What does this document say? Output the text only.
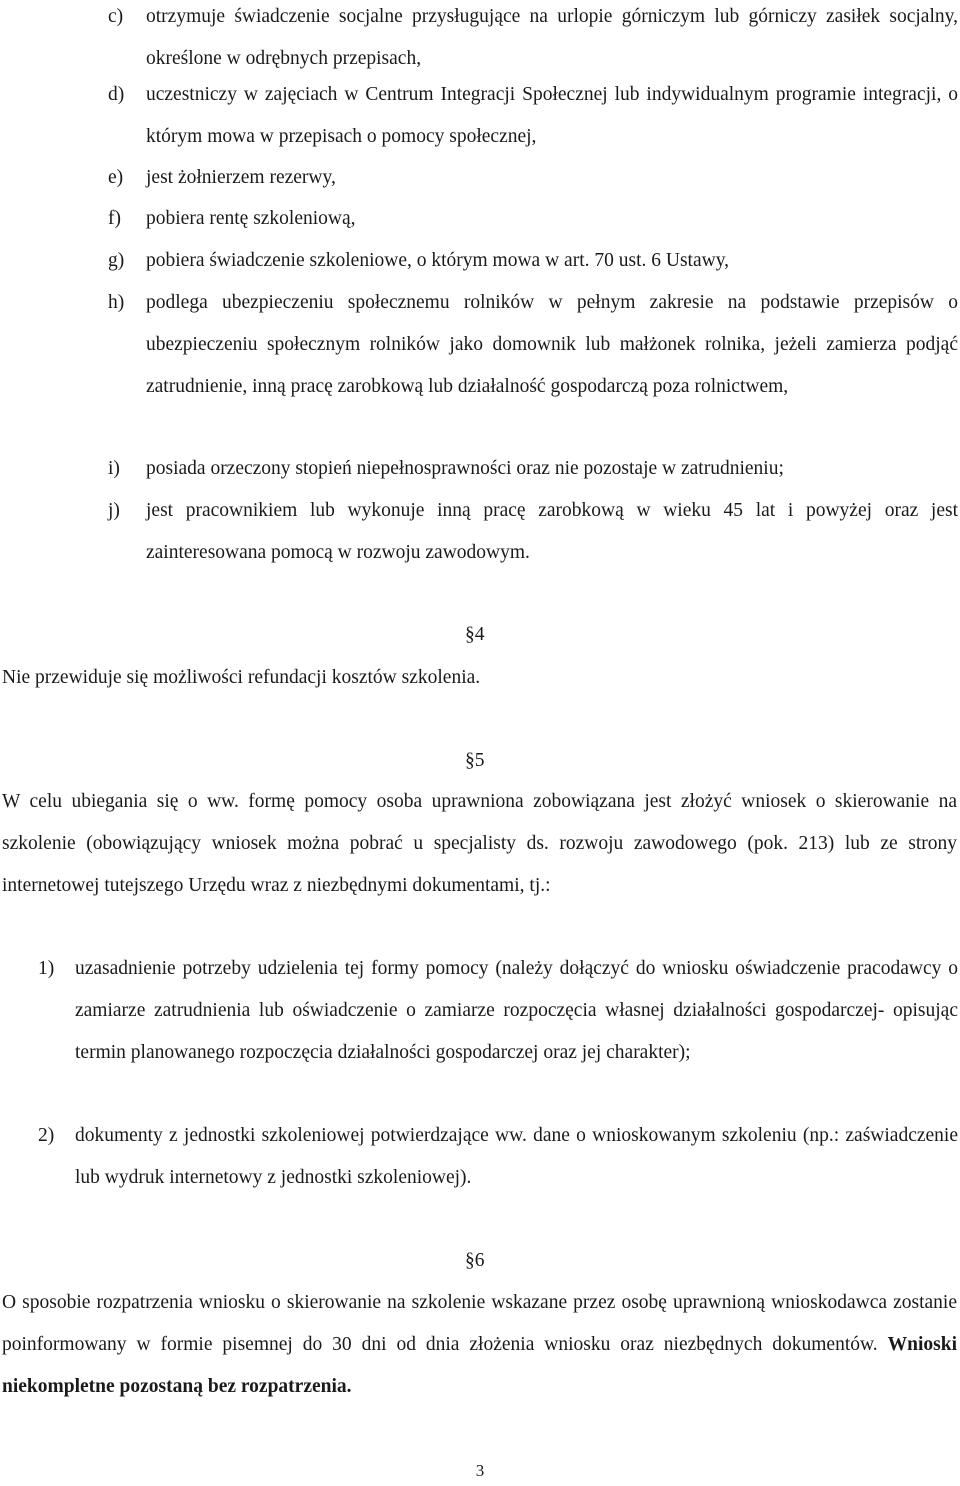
c)	otrzymuje świadczenie socjalne przysługujące na urlopie górniczym lub górniczy zasiłek socjalny, określone w odrębnych przepisach,
d)	uczestniczy w zajęciach w Centrum Integracji Społecznej lub indywidualnym programie integracji, o którym mowa w przepisach o pomocy społecznej,
e)	jest żołnierzem rezerwy,
f)	pobiera rentę szkoleniową,
g)	pobiera świadczenie szkoleniowe, o którym mowa w art. 70 ust. 6 Ustawy,
h)	podlega ubezpieczeniu społecznemu rolników w pełnym zakresie na podstawie przepisów o ubezpieczeniu społecznym rolników jako domownik lub małżonek rolnika, jeżeli zamierza podjąć zatrudnienie, inną pracę zarobkową lub działalność gospodarczą poza rolnictwem,
i)	posiada orzeczony stopień niepełnosprawności oraz nie pozostaje w zatrudnieniu;
j)	jest pracownikiem lub wykonuje inną pracę zarobkową w wieku 45 lat i powyżej oraz jest zainteresowana pomocą w rozwoju zawodowym.
§4
Nie przewiduje się możliwości refundacji kosztów szkolenia.
§5
W celu ubiegania się o ww. formę pomocy osoba uprawniona zobowiązana jest złożyć wniosek o skierowanie na szkolenie (obowiązujący wniosek można pobrać u specjalisty ds. rozwoju zawodowego (pok. 213) lub ze strony internetowej tutejszego Urzędu wraz z niezbędnymi dokumentami, tj.:
1)	uzasadnienie potrzeby udzielenia tej formy pomocy (należy dołączyć do wniosku oświadczenie pracodawcy o zamiarze zatrudnienia lub oświadczenie o zamiarze rozpoczęcia własnej działalności gospodarczej- opisując termin planowanego rozpoczęcia działalności gospodarczej oraz jej charakter);
2)	dokumenty z jednostki szkoleniowej potwierdzające ww. dane o wnioskowanym szkoleniu (np.: zaświadczenie lub wydruk internetowy z jednostki szkoleniowej).
§6
O sposobie rozpatrzenia wniosku o skierowanie na szkolenie wskazane przez osobę uprawnioną wnioskodawca zostanie poinformowany w formie pisemnej do 30 dni od dnia złożenia wniosku oraz niezbędnych dokumentów. Wnioski niekompletne pozostaną bez rozpatrzenia.
3
